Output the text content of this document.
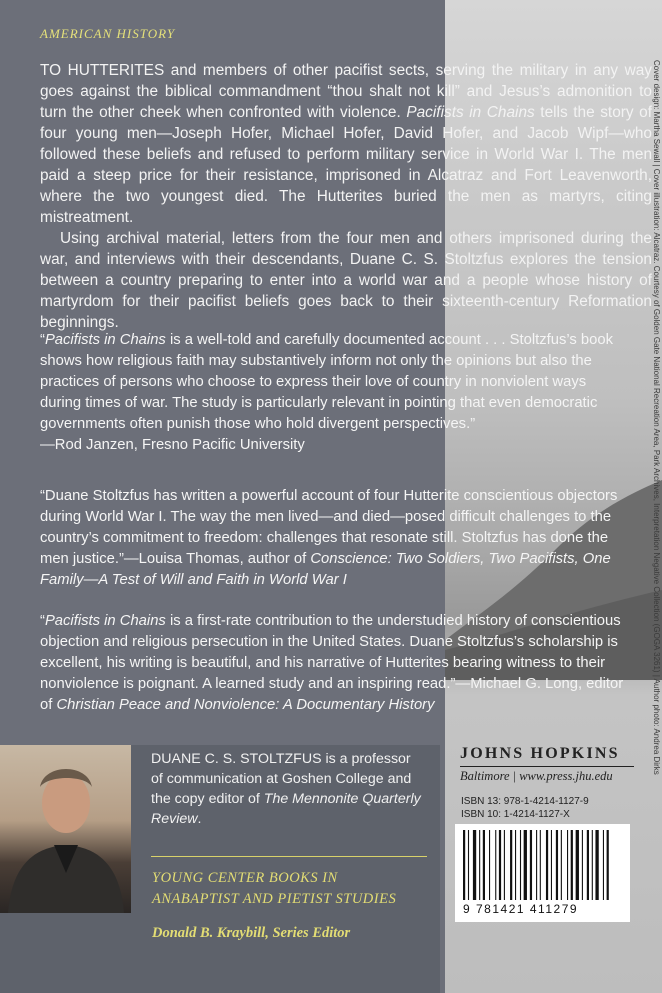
AMERICAN HISTORY

TO HUTTERITES and members of other pacifist sects, serving the military in any way goes against the biblical commandment “thou shalt not kill” and Jesus’s admonition to turn the other cheek when confronted with violence. Pacifists in Chains tells the story of four young men—Joseph Hofer, Michael Hofer, David Hofer, and Jacob Wipf—who followed these beliefs and refused to perform military service in World War I. The men paid a steep price for their resistance, imprisoned in Alcatraz and Fort Leavenworth, where the two youngest died. The Hutterites buried the men as martyrs, citing mistreatment.

Using archival material, letters from the four men and others imprisoned during the war, and interviews with their descendants, Duane C. S. Stoltzfus explores the tension between a country preparing to enter into a world war and a people whose history of martyrdom for their pacifist beliefs goes back to their sixteenth-century Reformation beginnings.

“Pacifists in Chains is a well-told and carefully documented account . . . Stoltzfus’s book shows how religious faith may substantively inform not only the opinions but also the practices of persons who choose to express their love of country in nonviolent ways during times of war. The study is particularly relevant in pointing that even democratic governments often punish those who hold divergent perspectives.”
—Rod Janzen, Fresno Pacific University
“Duane Stoltzfus has written a powerful account of four Hutterite conscientious objectors during World War I. The way the men lived—and died—posed difficult challenges to the country’s commitment to freedom: challenges that resonate still. Stoltzfus has done the men justice.”—Louisa Thomas, author of Conscience: Two Soldiers, Two Pacifists, One Family—A Test of Will and Faith in World War I
“Pacifists in Chains is a first-rate contribution to the understudied history of conscientious objection and religious persecution in the United States. Duane Stoltzfus’s scholarship is excellent, his writing is beautiful, and his narrative of Hutterites bearing witness to their nonviolence is poignant. A learned study and an inspiring read.”—Michael G. Long, editor of Christian Peace and Nonviolence: A Documentary History	Cover design: Martha Sewall | Cover illustration: Alcatraz. Courtesy of Golden Gate National Recreation Area, Park Archives, Interpretation Negative Collection (GOGA 3261) | Author photo: Andrea Dirks
DUANE C. S. STOLTZFUS is a professor of communication at Goshen College and the copy editor of The Mennonite Quarterly Review.
YOUNG CENTER BOOKS IN
ANABAPTIST AND PIETIST STUDIES
Donald B. Kraybill, Series Editor
JOHNS HOPKINS
Baltimore | www.press.jhu.edu
ISBN 13: 978-1-4214-1127-9
ISBN 10: 1-4214-1127-X
9 781421 411279
